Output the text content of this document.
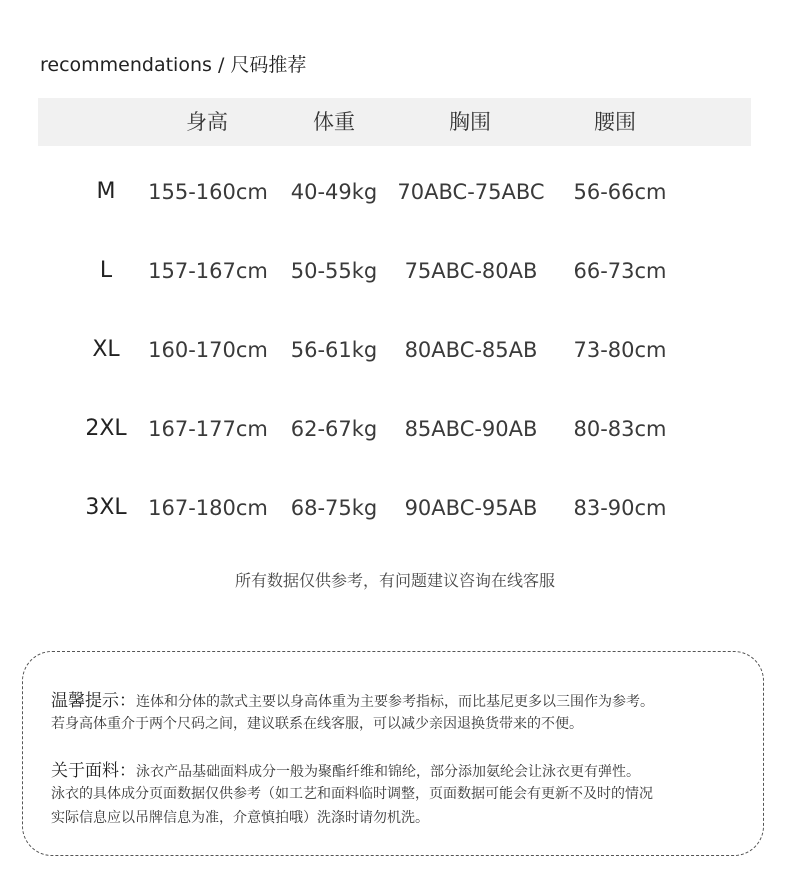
recommendations / 尺码推荐
身高	体重	胸围	腰围
M 155-160cm 40-49kg 70ABC-75ABC 56-66cm
L 157-167cm 50-55kg 75ABC-80AB 66-73cm
XL 160-170cm 56-61kg 80ABC-85AB 73-80cm
2XL 167-177cm 62-67kg 85ABC-90AB 80-83cm
3XL 167-180cm 68-75kg 90ABC-95AB 83-90cm
所有数据仅供参考，有问题建议咨询在线客服
温馨提示：连体和分体的款式主要以身高体重为主要参考指标，而比基尼更多以三围作为参考。
若身高体重介于两个尺码之间，建议联系在线客服，可以减少亲因退换货带来的不便。
关于面料：泳衣产品基础面料成分一般为聚酯纤维和锦纶，部分添加氨纶会让泳衣更有弹性。
泳衣的具体成分页面数据仅供参考（如工艺和面料临时调整，页面数据可能会有更新不及时的情况
实际信息应以吊牌信息为准，介意慎拍哦）洗涤时请勿机洗。
